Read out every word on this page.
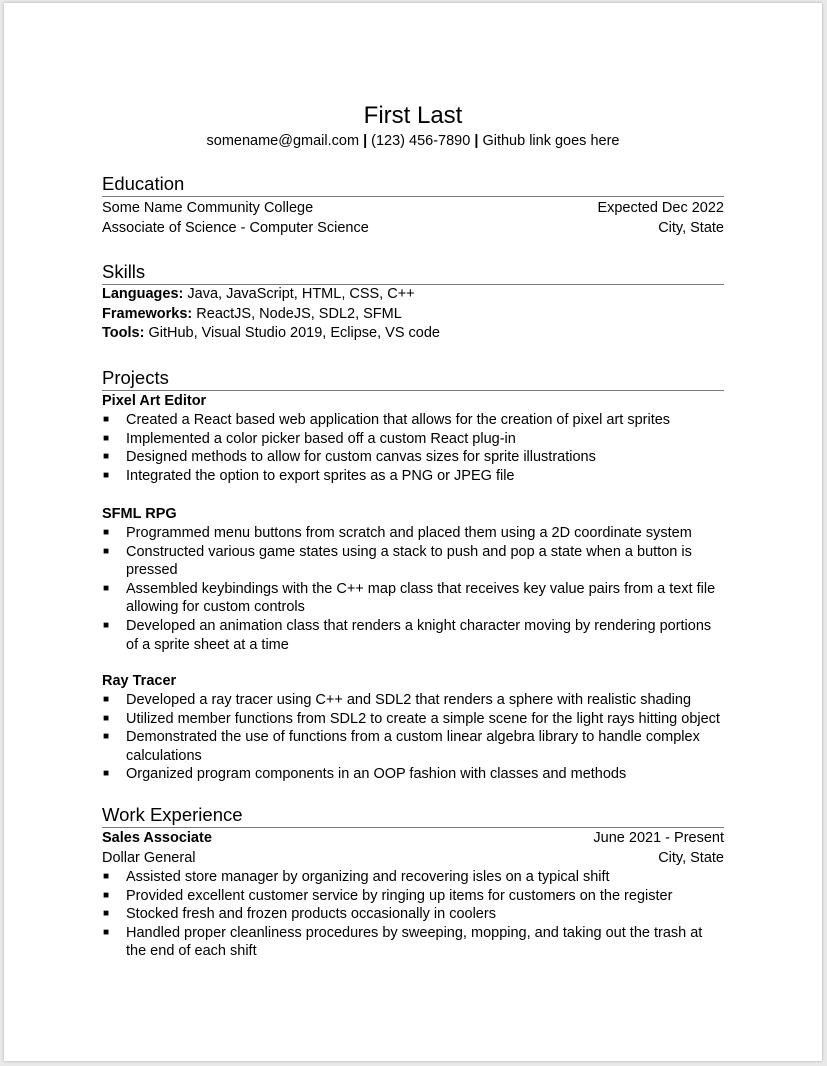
First Last
somename@gmail.com | (123) 456-7890 | Github link goes here
Education
Some Name Community College	Expected Dec 2022
Associate of Science - Computer Science	City, State
Skills
Languages: Java, JavaScript, HTML, CSS, C++
Frameworks: ReactJS, NodeJS, SDL2, SFML
Tools: GitHub, Visual Studio 2019, Eclipse, VS code
Projects
Pixel Art Editor
■ Created a React based web application that allows for the creation of pixel art sprites
■ Implemented a color picker based off a custom React plug-in
■ Designed methods to allow for custom canvas sizes for sprite illustrations
■ Integrated the option to export sprites as a PNG or JPEG file
SFML RPG
■ Programmed menu buttons from scratch and placed them using a 2D coordinate system
■ Constructed various game states using a stack to push and pop a state when a button is pressed
■ Assembled keybindings with the C++ map class that receives key value pairs from a text file allowing for custom controls
■ Developed an animation class that renders a knight character moving by rendering portions of a sprite sheet at a time
Ray Tracer
■ Developed a ray tracer using C++ and SDL2 that renders a sphere with realistic shading
■ Utilized member functions from SDL2 to create a simple scene for the light rays hitting object
■ Demonstrated the use of functions from a custom linear algebra library to handle complex calculations
■ Organized program components in an OOP fashion with classes and methods
Work Experience
Sales Associate	June 2021 - Present
Dollar General	City, State
■ Assisted store manager by organizing and recovering isles on a typical shift
■ Provided excellent customer service by ringing up items for customers on the register
■ Stocked fresh and frozen products occasionally in coolers
■ Handled proper cleanliness procedures by sweeping, mopping, and taking out the trash at the end of each shift
